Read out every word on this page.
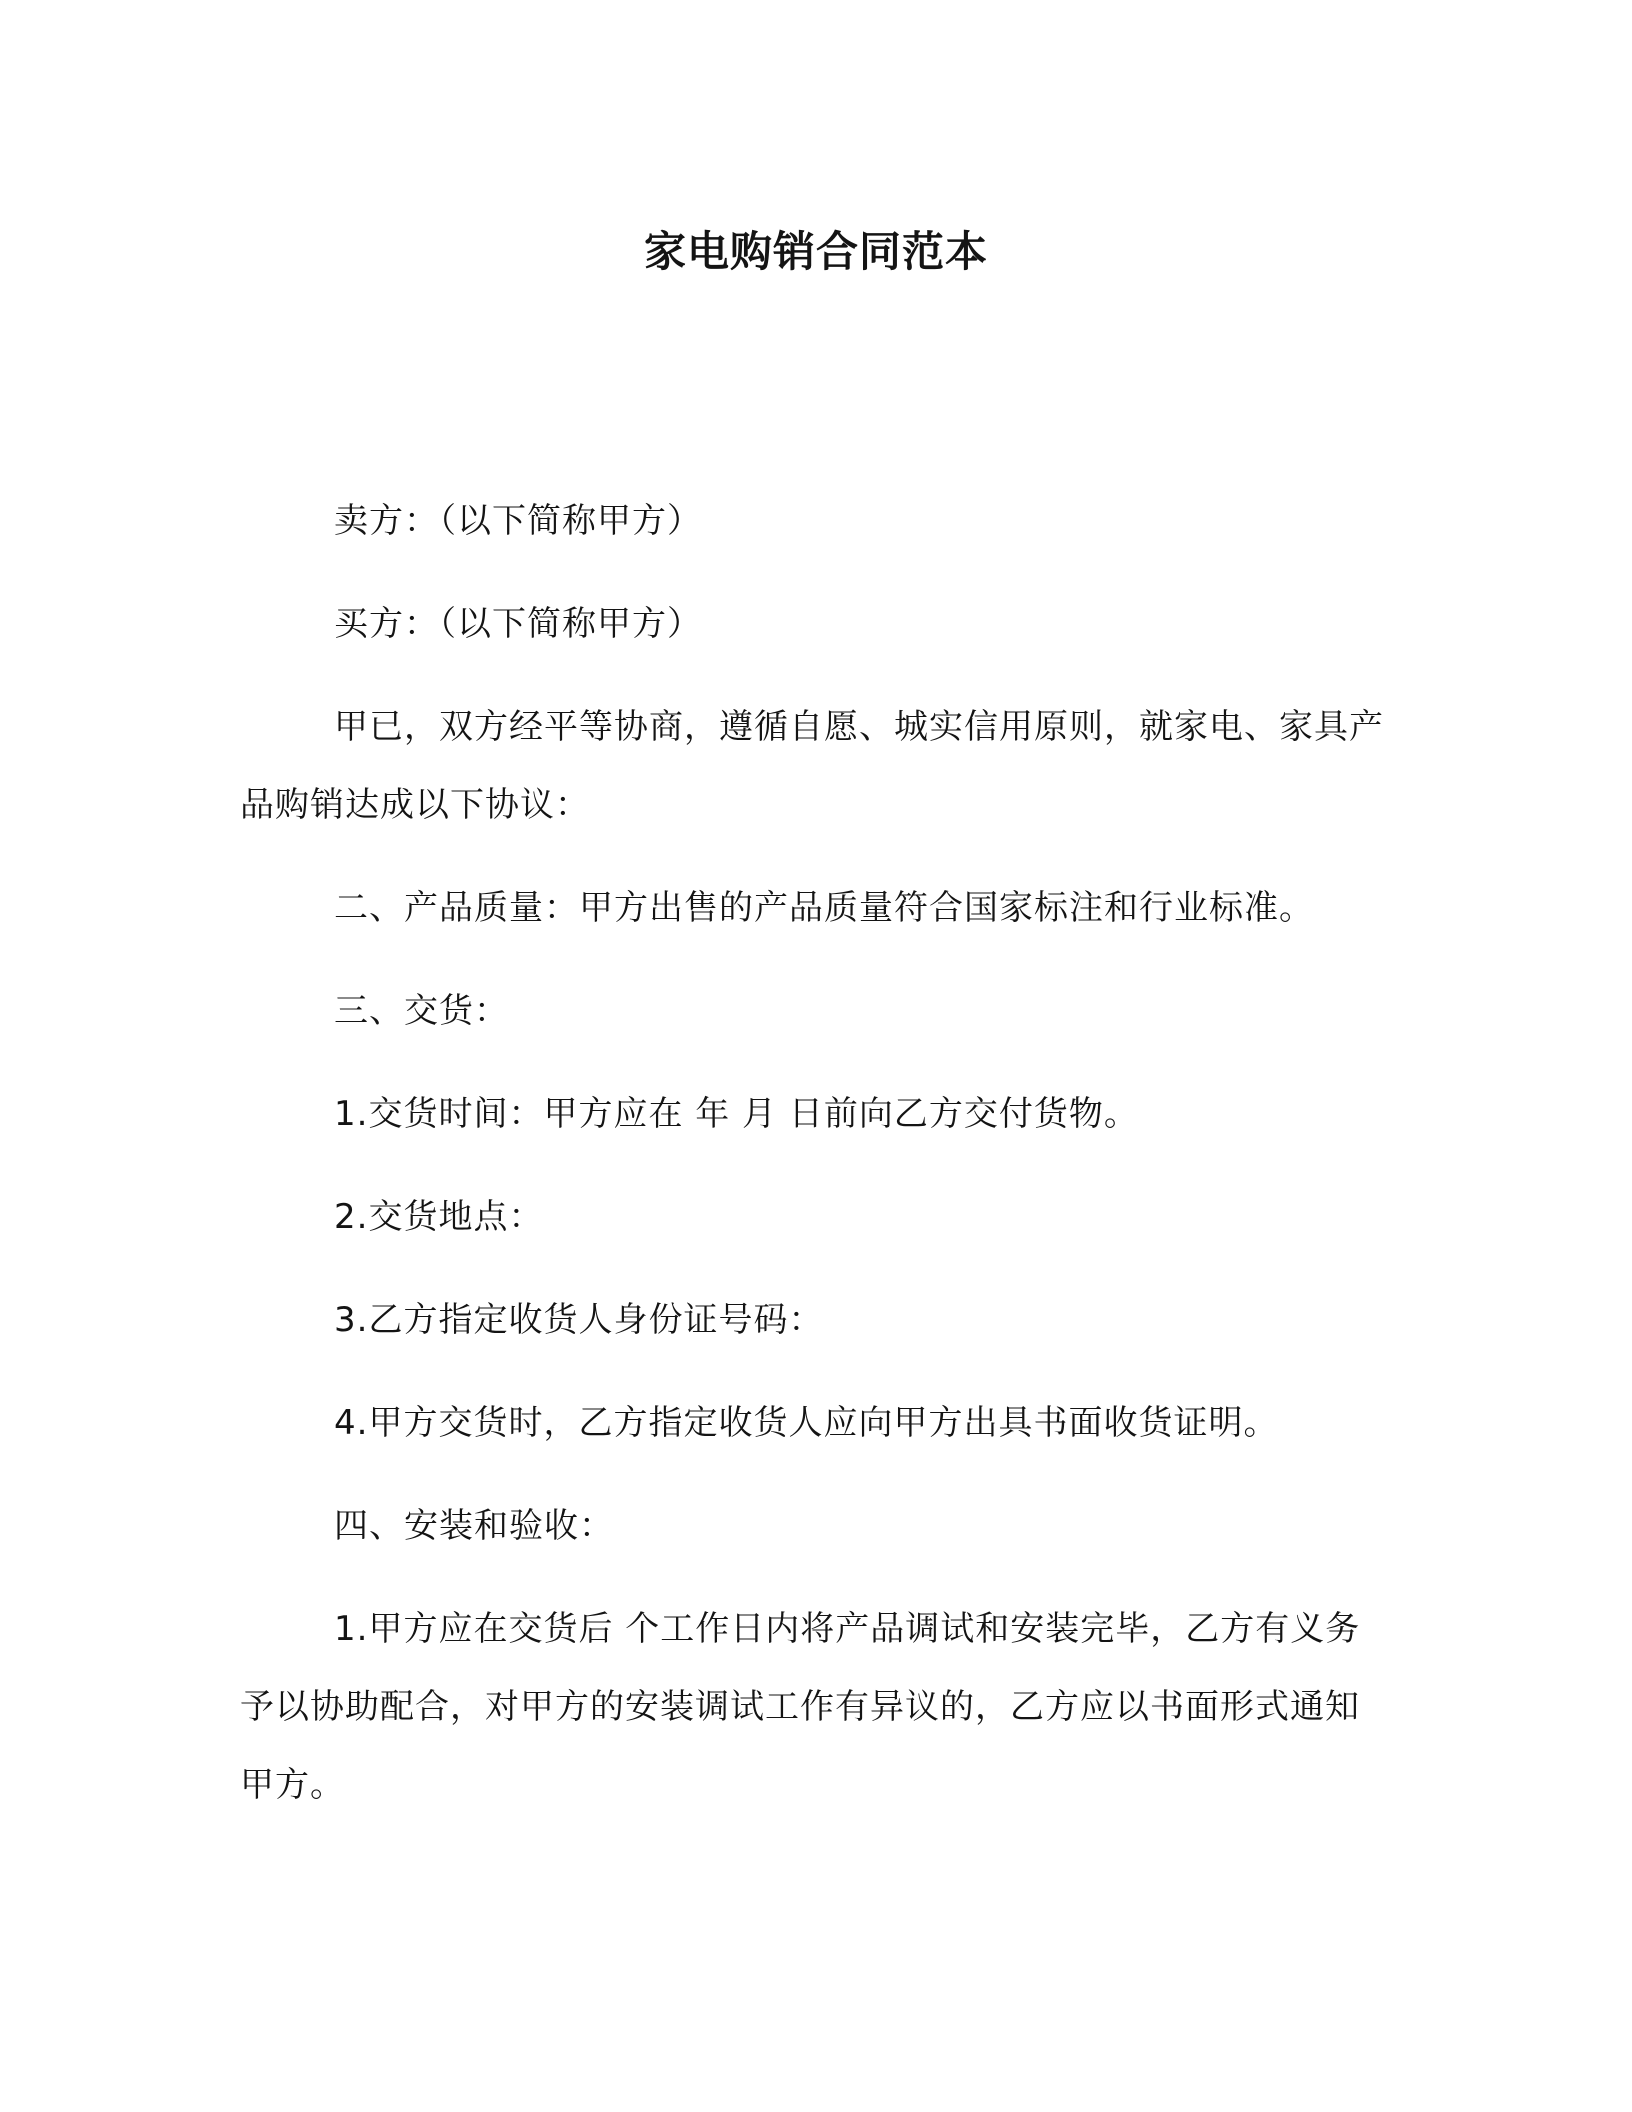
家电购销合同范本

卖方：（以下简称甲方）

买方：（以下简称甲方）

甲已，双方经平等协商，遵循自愿、城实信用原则，就家电、家具产品购销达成以下协议：

二、产品质量：甲方出售的产品质量符合国家标注和行业标准。

三、交货：

1.交货时间：甲方应在 年 月 日前向乙方交付货物。

2.交货地点：

3.乙方指定收货人身份证号码：

4.甲方交货时，乙方指定收货人应向甲方出具书面收货证明。

四、安装和验收：

1.甲方应在交货后 个工作日内将产品调试和安装完毕，乙方有义务予以协助配合，对甲方的安装调试工作有异议的，乙方应以书面形式通知甲方。
